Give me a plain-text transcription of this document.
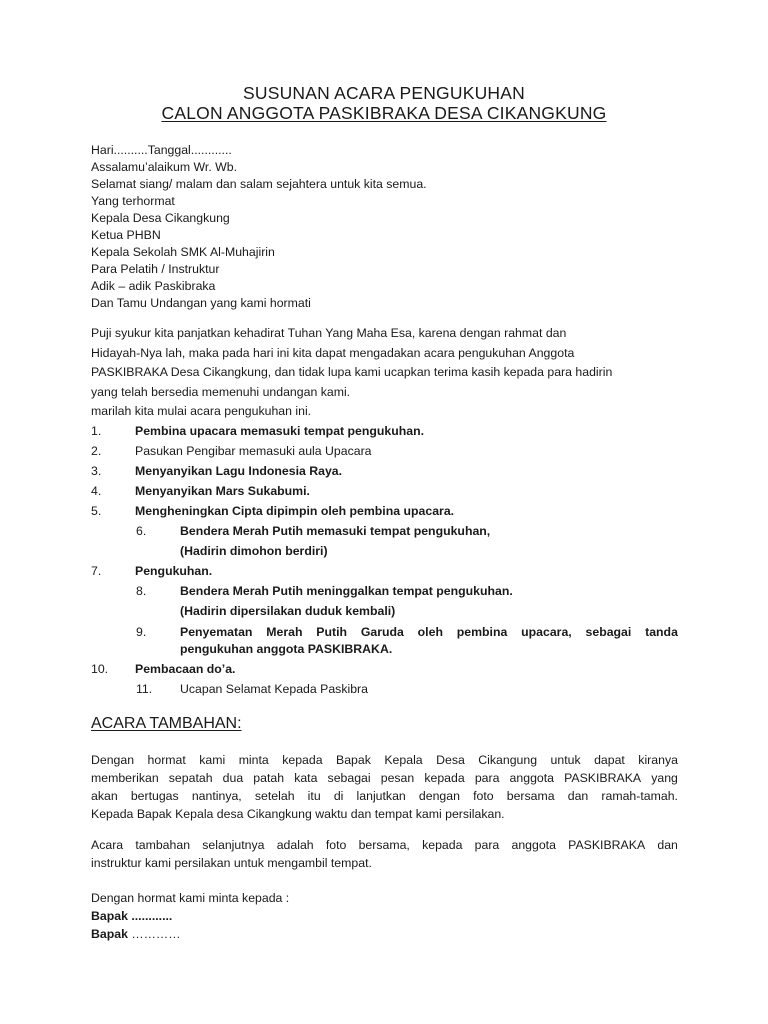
SUSUNAN ACARA PENGUKUHAN
CALON ANGGOTA PASKIBRAKA DESA CIKANGKUNG
Hari..........Tanggal............
Assalamu’alaikum Wr. Wb.
Selamat siang/ malam dan salam sejahtera untuk kita semua.
Yang terhormat
Kepala Desa Cikangkung
Ketua PHBN
Kepala Sekolah SMK Al-Muhajirin
Para Pelatih / Instruktur
Adik – adik Paskibraka
Dan Tamu Undangan yang kami hormati
Puji syukur kita panjatkan kehadirat Tuhan Yang Maha Esa, karena dengan rahmat dan
Hidayah-Nya lah, maka pada hari ini kita dapat mengadakan acara pengukuhan Anggota
PASKIBRAKA Desa Cikangkung, dan tidak lupa kami ucapkan terima kasih kepada para hadirin
yang telah bersedia memenuhi undangan kami.
marilah kita mulai acara pengukuhan ini.
1.	Pembina upacara memasuki tempat pengukuhan.
2.	Pasukan Pengibar memasuki aula Upacara
3.	Menyanyikan Lagu Indonesia Raya.
4.	Menyanyikan Mars Sukabumi.
5.	Mengheningkan Cipta dipimpin oleh pembina upacara.
6.	Bendera Merah Putih memasuki tempat pengukuhan,
(Hadirin dimohon berdiri)
7.	Pengukuhan.
8.	Bendera Merah Putih meninggalkan tempat pengukuhan.
(Hadirin dipersilakan duduk kembali)
9.	Penyematan Merah Putih Garuda oleh pembina upacara, sebagai tanda
pengukuhan anggota PASKIBRAKA.
10. Pembacaan do’a.
11. Ucapan Selamat Kepada Paskibra
ACARA TAMBAHAN:
Dengan hormat kami minta kepada Bapak Kepala Desa Cikangung untuk dapat kiranya
memberikan sepatah dua patah kata sebagai pesan kepada para anggota PASKIBRAKA yang
akan bertugas nantinya, setelah itu di lanjutkan dengan foto bersama dan ramah-tamah.
Kepada Bapak Kepala desa Cikangkung waktu dan tempat kami persilakan.
Acara tambahan selanjutnya adalah foto bersama, kepada para anggota PASKIBRAKA dan
instruktur kami persilakan untuk mengambil tempat.
Dengan hormat kami minta kepada :
Bapak ............
Bapak …………
